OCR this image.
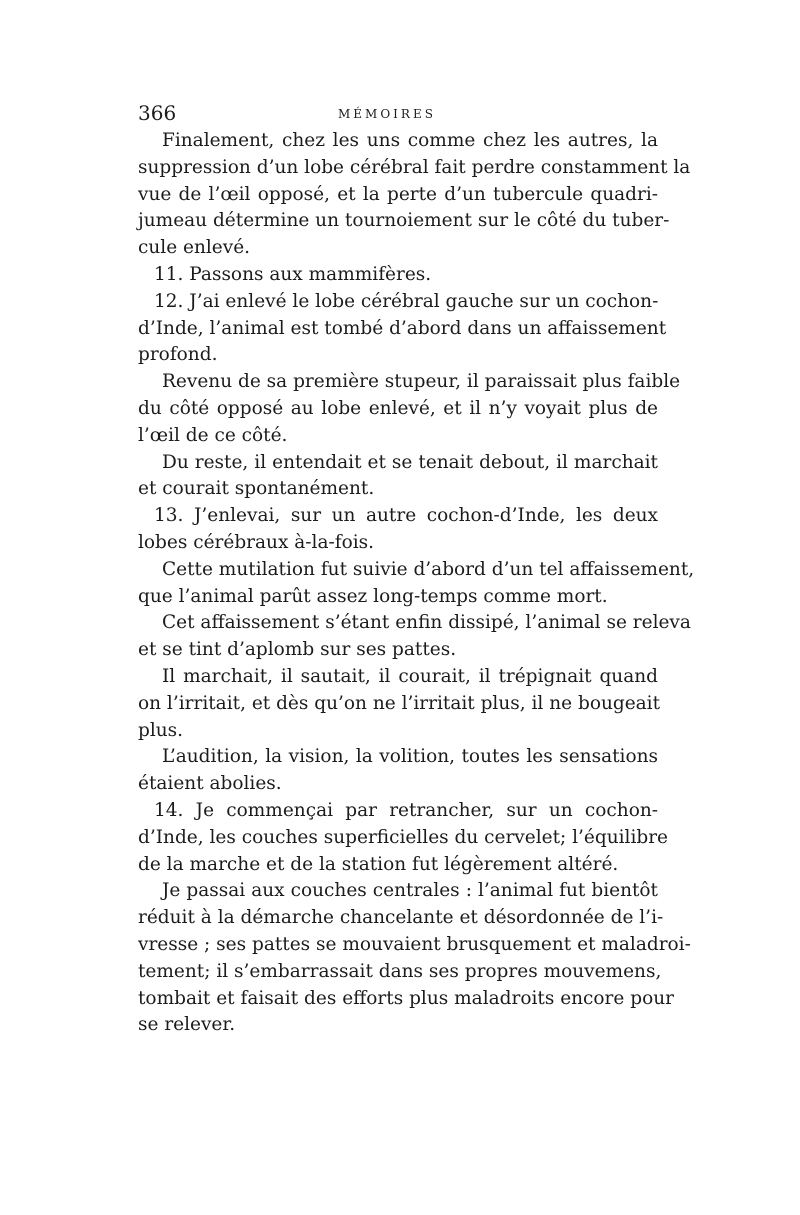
366	MÉMOIRES
Finalement, chez les uns comme chez les autres, la
suppression d’un lobe cérébral fait perdre constamment la
vue de l’œil opposé, et la perte d’un tubercule quadri-
jumeau détermine un tournoiement sur le côté du tuber-
cule enlevé.
11. Passons aux mammifères.
12. J’ai enlevé le lobe cérébral gauche sur un cochon-
d’Inde, l’animal est tombé d’abord dans un affaissement
profond.
Revenu de sa première stupeur, il paraissait plus faible
du côté opposé au lobe enlevé, et il n’y voyait plus de
l’œil de ce côté.
Du reste, il entendait et se tenait debout, il marchait
et courait spontanément.
13. J’enlevai, sur un autre cochon-d’Inde, les deux
lobes cérébraux à-la-fois.
Cette mutilation fut suivie d’abord d’un tel affaissement,
que l’animal parût assez long-temps comme mort.
Cet affaissement s’étant enfin dissipé, l’animal se releva
et se tint d’aplomb sur ses pattes.
Il marchait, il sautait, il courait, il trépignait quand
on l’irritait, et dès qu’on ne l’irritait plus, il ne bougeait
plus.
L’audition, la vision, la volition, toutes les sensations
étaient abolies.
14. Je commençai par retrancher, sur un cochon-
d’Inde, les couches superficielles du cervelet; l’équilibre
de la marche et de la station fut légèrement altéré.
Je passai aux couches centrales : l’animal fut bientôt
réduit à la démarche chancelante et désordonnée de l’i-
vresse ; ses pattes se mouvaient brusquement et maladroi-
tement; il s’embarrassait dans ses propres mouvemens,
tombait et faisait des efforts plus maladroits encore pour
se relever.
